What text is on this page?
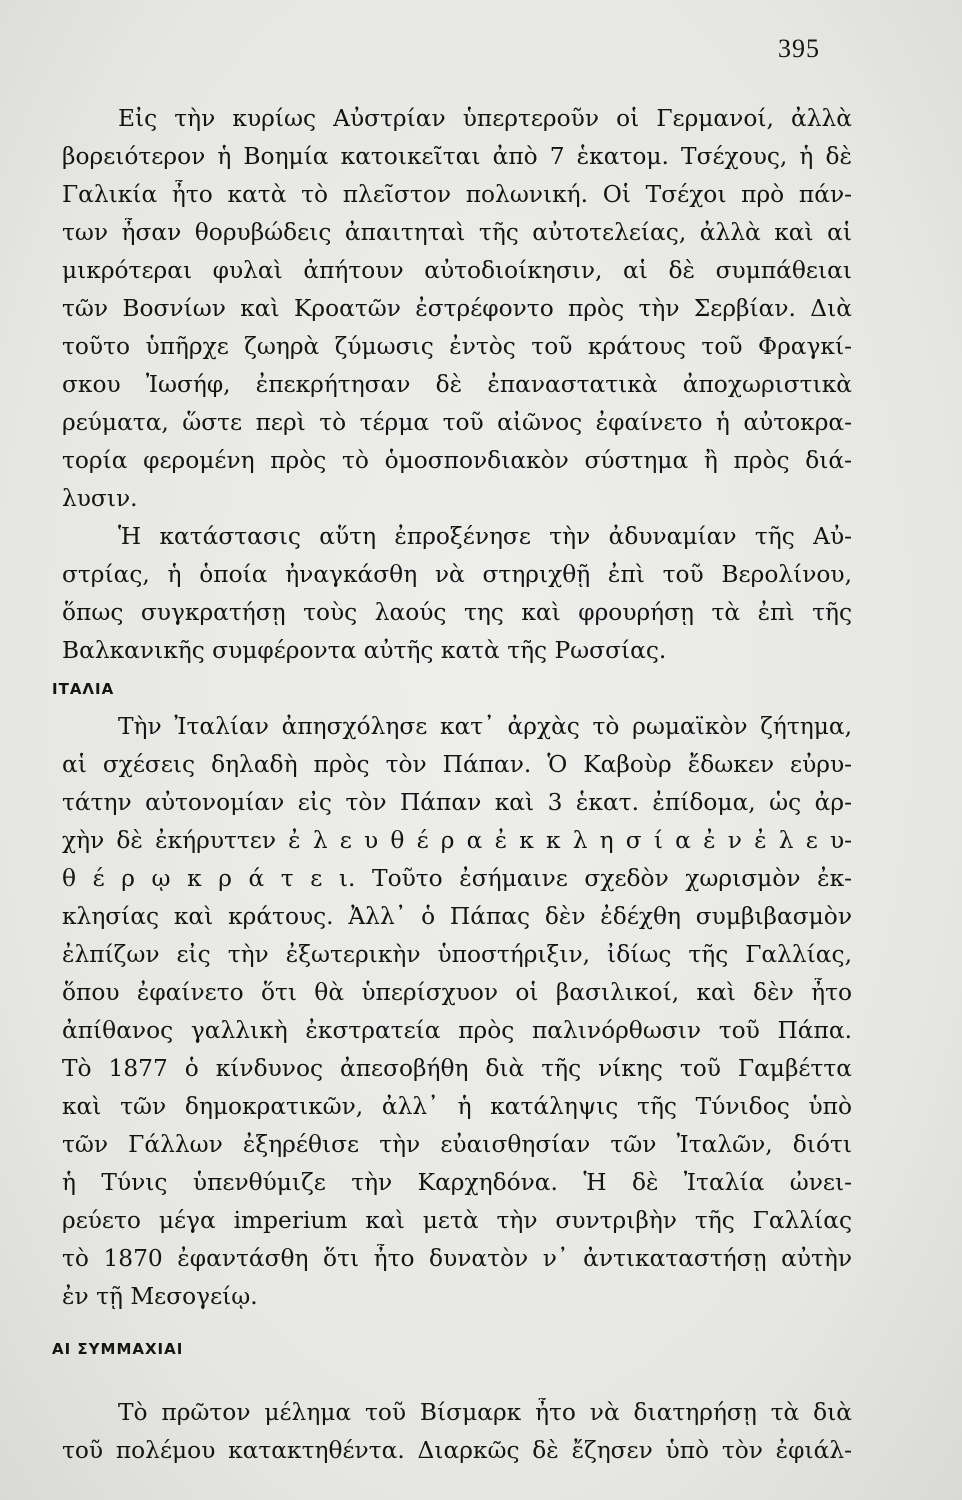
395
Εἰς τὴν κυρίως Αὐστρίαν ὑπερτεροῦν οἱ Γερμανοί, ἀλλὰ
βορειότερον ἡ Βοημία κατοικεῖται ἀπὸ 7 ἑκατομ. Τσέχους, ἡ δὲ
Γαλικία ἦτο κατὰ τὸ πλεῖστον πολωνική. Οἱ Τσέχοι πρὸ πάν-
των ἦσαν θορυβώδεις ἀπαιτηταὶ τῆς αὐτοτελείας, ἀλλὰ καὶ αἱ
μικρότεραι φυλαὶ ἀπήτουν αὐτοδιοίκησιν, αἱ δὲ συμπάθειαι
τῶν Βοσνίων καὶ Κροατῶν ἐστρέφοντο πρὸς τὴν Σερβίαν. Διὰ
τοῦτο ὑπῆρχε ζωηρὰ ζύμωσις ἐντὸς τοῦ κράτους τοῦ Φραγκί-
σκου Ἰωσήφ, ἐπεκρήτησαν δὲ ἐπαναστατικὰ ἀποχωριστικὰ
ρεύματα, ὥστε περὶ τὸ τέρμα τοῦ αἰῶνος ἐφαίνετο ἡ αὐτοκρα-
τορία φερομένη πρὸς τὸ ὁμοσπονδιακὸν σύστημα ἢ πρὸς διά-
λυσιν.
Ἡ κατάστασις αὕτη ἐπροξένησε τὴν ἀδυναμίαν τῆς Αὐ-
στρίας, ἡ ὁποία ἠναγκάσθη νὰ στηριχθῇ ἐπὶ τοῦ Βερολίνου,
ὅπως συγκρατήσῃ τοὺς λαούς της καὶ φρουρήσῃ τὰ ἐπὶ τῆς
Βαλκανικῆς συμφέροντα αὐτῆς κατὰ τῆς Ρωσσίας.
ΙΤΑΛΙΑ
Τὴν Ἰταλίαν ἀπησχόλησε κατ᾽ ἀρχὰς τὸ ρωμαϊκὸν ζήτημα,
αἱ σχέσεις δηλαδὴ πρὸς τὸν Πάπαν. Ὁ Καβοὺρ ἔδωκεν εὐρυ-
τάτην αὐτονομίαν εἰς τὸν Πάπαν καὶ 3 ἑκατ. ἐπίδομα, ὡς ἀρ-
χὴν δὲ ἐκήρυττεν ἐ λ ε υ θ έ ρ α ἐ κ κ λ η σ ί α ἐ ν ἐ λ ε υ-
θ έ ρ ῳ κ ρ ά τ ε ι. Τοῦτο ἐσήμαινε σχεδὸν χωρισμὸν ἐκ-
κλησίας καὶ κράτους. Ἀλλ᾽ ὁ Πάπας δὲν ἐδέχθη συμβιβασμὸν
ἐλπίζων εἰς τὴν ἐξωτερικὴν ὑποστήριξιν, ἰδίως τῆς Γαλλίας,
ὅπου ἐφαίνετο ὅτι θὰ ὑπερίσχυον οἱ βασιλικοί, καὶ δὲν ἦτο
ἀπίθανος γαλλικὴ ἐκστρατεία πρὸς παλινόρθωσιν τοῦ Πάπα.
Τὸ 1877 ὁ κίνδυνος ἀπεσοβήθη διὰ τῆς νίκης τοῦ Γαμβέττα
καὶ τῶν δημοκρατικῶν, ἀλλ᾽ ἡ κατάληψις τῆς Τύνιδος ὑπὸ
τῶν Γάλλων ἐξηρέθισε τὴν εὐαισθησίαν τῶν Ἰταλῶν, διότι
ἡ Τύνις ὑπενθύμιζε τὴν Καρχηδόνα. Ἡ δὲ Ἰταλία ὠνει-
ρεύετο μέγα imperium καὶ μετὰ τὴν συντριβὴν τῆς Γαλλίας
τὸ 1870 ἐφαντάσθη ὅτι ἦτο δυνατὸν ν᾽ ἀντικαταστήσῃ αὐτὴν
ἐν τῇ Μεσογείῳ.
ΑΙ ΣΥΜΜΑΧΙΑΙ
Τὸ πρῶτον μέλημα τοῦ Βίσμαρκ ἦτο νὰ διατηρήσῃ τὰ διὰ
τοῦ πολέμου κατακτηθέντα. Διαρκῶς δὲ ἔζησεν ὑπὸ τὸν ἐφιάλ-
